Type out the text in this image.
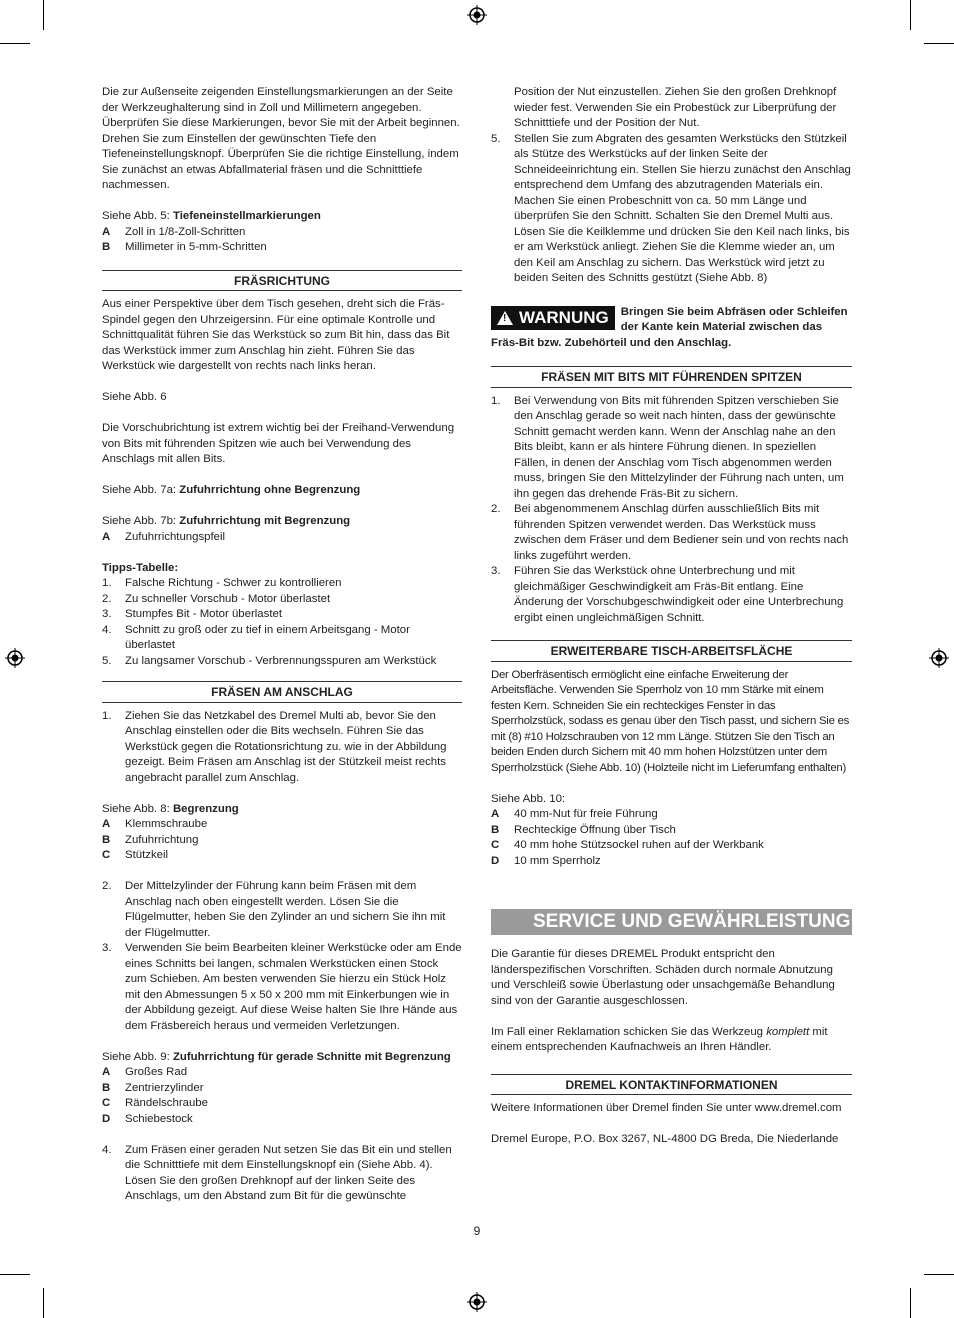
Die zur Außenseite zeigenden Einstellungsmarkierungen an der Seite der Werkzeughalterung sind in Zoll und Millimetern angegeben. Überprüfen Sie diese Markierungen, bevor Sie mit der Arbeit beginnen. Drehen Sie zum Einstellen der gewünschten Tiefe den Tiefeneinstellungsknopf. Überprüfen Sie die richtige Einstellung, indem Sie zunächst an etwas Abfallmaterial fräsen und die Schnitttiefe nachmessen.

Siehe Abb. 5: Tiefeneinstellmarkierungen

A	Zoll in 1/8-Zoll-Schritten
B	Millimeter in 5-mm-Schritten
FRÄSRICHTUNG

Aus einer Perspektive über dem Tisch gesehen, dreht sich die Fräs-Spindel gegen den Uhrzeigersinn. Für eine optimale Kontrolle und Schnittqualität führen Sie das Werkstück so zum Bit hin, dass das Bit das Werkstück immer zum Anschlag hin zieht. Führen Sie das Werkstück wie dargestellt von rechts nach links heran.

Siehe Abb. 6

Die Vorschubrichtung ist extrem wichtig bei der Freihand-Verwendung von Bits mit führenden Spitzen wie auch bei Verwendung des Anschlags mit allen Bits.

Siehe Abb. 7a: Zufuhrrichtung ohne Begrenzung

Siehe Abb. 7b: Zufuhrrichtung mit Begrenzung

A	Zufuhrrichtungspfeil

Tipps-Tabelle:

1.	Falsche Richtung - Schwer zu kontrollieren
2.	Zu schneller Vorschub - Motor überlastet
3.	Stumpfes Bit - Motor überlastet
4.	Schnitt zu groß oder zu tief in einem Arbeitsgang - Motor überlastet
5.	Zu langsamer Vorschub - Verbrennungsspuren am Werkstück
FRÄSEN AM ANSCHLAG
1.	Ziehen Sie das Netzkabel des Dremel Multi ab, bevor Sie den Anschlag einstellen oder die Bits wechseln. Führen Sie das Werkstück gegen die Rotationsrichtung zu. wie in der Abbildung gezeigt. Beim Fräsen am Anschlag ist der Stützkeil meist rechts angebracht parallel zum Anschlag.

Siehe Abb. 8: Begrenzung

A	Klemmschraube
B	Zufuhrrichtung
C	Stützkeil
2.	Der Mittelzylinder der Führung kann beim Fräsen mit dem Anschlag nach oben eingestellt werden. Lösen Sie die Flügelmutter, heben Sie den Zylinder an und sichern Sie ihn mit der Flügelmutter.
3.	Verwenden Sie beim Bearbeiten kleiner Werkstücke oder am Ende eines Schnitts bei langen, schmalen Werkstücken einen Stock zum Schieben. Am besten verwenden Sie hierzu ein Stück Holz mit den Abmessungen 5 x 50 x 200 mm mit Einkerbungen wie in der Abbildung gezeigt. Auf diese Weise halten Sie Ihre Hände aus dem Fräsbereich heraus und vermeiden Verletzungen.

Siehe Abb. 9: Zufuhrrichtung für gerade Schnitte mit Begrenzung

A	Großes Rad
B	Zentrierzylinder
C	Rändelschraube
D	Schiebestock
4.	Zum Fräsen einer geraden Nut setzen Sie das Bit ein und stellen die Schnitttiefe mit dem Einstellungsknopf ein (Siehe Abb. 4). Lösen Sie den großen Drehknopf auf der linken Seite des Anschlags, um den Abstand zum Bit für die gewünschte
Position der Nut einzustellen. Ziehen Sie den großen Drehknopf wieder fest. Verwenden Sie ein Probestück zur Liberprüfung der Schnitttiefe und der Position der Nut.
5.	Stellen Sie zum Abgraten des gesamten Werkstücks den Stützkeil als Stütze des Werkstücks auf der linken Seite der Schneideeinrichtung ein. Stellen Sie hierzu zunächst den Anschlag entsprechend dem Umfang des abzutragenden Materials ein. Machen Sie einen Probeschnitt von ca. 50 mm Länge und überprüfen Sie den Schnitt. Schalten Sie den Dremel Multi aus. Lösen Sie die Keilklemme und drücken Sie den Keil nach links, bis er am Werkstück anliegt. Ziehen Sie die Klemme wieder an, um den Keil am Anschlag zu sichern. Das Werkstück wird jetzt zu beiden Seiten des Schnitts gestützt (Siehe Abb. 8)
! WARNUNG Bringen Sie beim Abfräsen oder Schleifen der Kante kein Material zwischen das Fräs-Bit bzw. Zubehörteil und den Anschlag.
FRÄSEN MIT BITS MIT FÜHRENDEN SPITZEN
1.	Bei Verwendung von Bits mit führenden Spitzen verschieben Sie den Anschlag gerade so weit nach hinten, dass der gewünschte Schnitt gemacht werden kann. Wenn der Anschlag nahe an den Bits bleibt, kann er als hintere Führung dienen. In speziellen Fällen, in denen der Anschlag vom Tisch abgenommen werden muss, bringen Sie den Mittelzylinder der Führung nach unten, um ihn gegen das drehende Fräs-Bit zu sichern.
2.	Bei abgenommenem Anschlag dürfen ausschließlich Bits mit führenden Spitzen verwendet werden. Das Werkstück muss zwischen dem Fräser und dem Bediener sein und von rechts nach links zugeführt werden.
3.	Führen Sie das Werkstück ohne Unterbrechung und mit gleichmäßiger Geschwindigkeit am Fräs-Bit entlang. Eine Änderung der Vorschubgeschwindigkeit oder eine Unterbrechung ergibt einen ungleichmäßigen Schnitt.
ERWEITERBARE TISCH-ARBEITSFLÄCHE

Der Oberfräsentisch ermöglicht eine einfache Erweiterung der Arbeitsfläche. Verwenden Sie Sperrholz von 10 mm Stärke mit einem festen Kern. Schneiden Sie ein rechteckiges Fenster in das Sperrholzstück, sodass es genau über den Tisch passt, und sichern Sie es mit (8) #10 Holzschrauben von 12 mm Länge. Stützen Sie den Tisch an beiden Enden durch Sichern mit 40 mm hohen Holzstützen unter dem Sperrholzstück (Siehe Abb. 10) (Holzteile nicht im Lieferumfang enthalten)

Siehe Abb. 10:

A	40 mm-Nut für freie Führung
B	Rechteckige Öffnung über Tisch
C	40 mm hohe Stützsockel ruhen auf der Werkbank
D	10 mm Sperrholz
SERVICE UND GEWÄHRLEISTUNG

Die Garantie für dieses DREMEL Produkt entspricht den länderspezifischen Vorschriften. Schäden durch normale Abnutzung und Verschleiß sowie Überlastung oder unsachgemäße Behandlung sind von der Garantie ausgeschlossen.

Im Fall einer Reklamation schicken Sie das Werkzeug komplett mit einem entsprechenden Kaufnachweis an Ihren Händler.

DREMEL KONTAKTINFORMATIONEN

Weitere Informationen über Dremel finden Sie unter www.dremel.com

Dremel Europe, P.O. Box 3267, NL-4800 DG Breda, Die Niederlande

9
